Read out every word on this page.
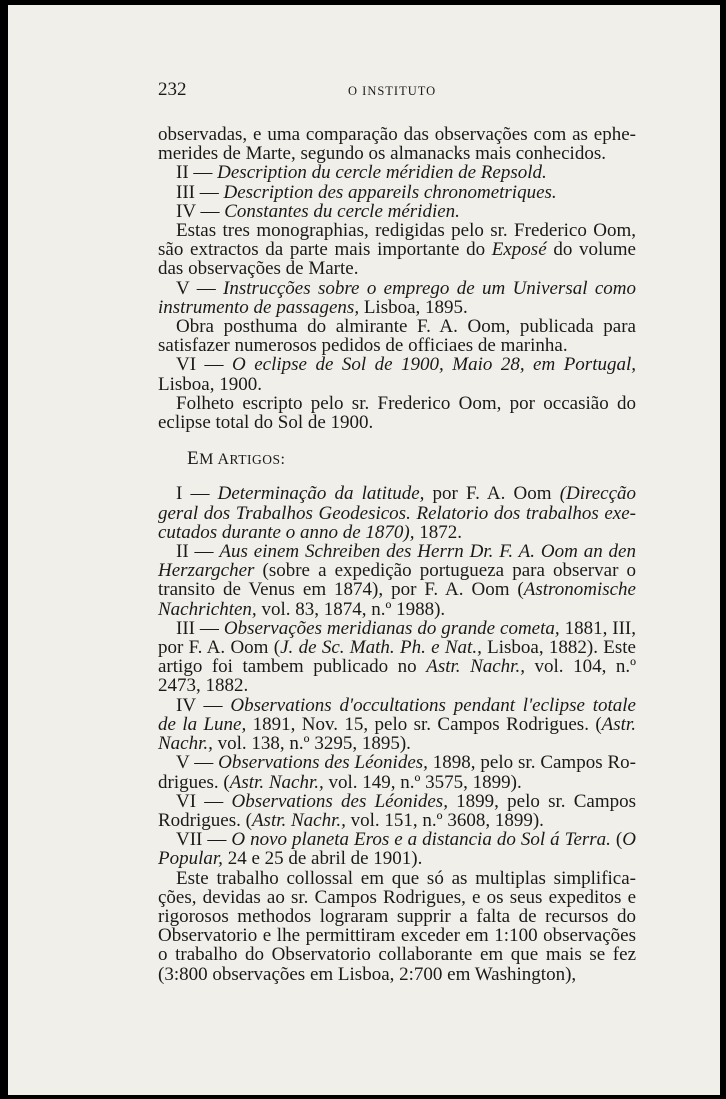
232	O INSTITUTO

observadas, e uma comparação das observações com as ephemerides de Marte, segundo os almanacks mais conhecidos.

II — Description du cercle méridien de Repsold.

III — Description des appareils chronometriques.

IV — Constantes du cercle méridien.

Estas tres monographias, redigidas pelo sr. Frederico Oom, são extractos da parte mais importante do Exposé do volume das observações de Marte.

V — Instrucções sobre o emprego de um Universal como instrumento de passagens, Lisboa, 1895.

Obra posthuma do almirante F. A. Oom, publicada para satisfazer numerosos pedidos de officiaes de marinha.

VI — O eclipse de Sol de 1900, Maio 28, em Portugal, Lisboa, 1900.

Folheto escripto pelo sr. Frederico Oom, por occasião do eclipse total do Sol de 1900.

EM ARTIGOS:

I — Determinação da latitude, por F. A. Oom (Direcção geral dos Trabalhos Geodesicos. Relatorio dos trabalhos executados durante o anno de 1870), 1872.

II — Aus einem Schreiben des Herrn Dr. F. A. Oom an den Herzargcher (sobre a expedição portugueza para observar o transito de Venus em 1874), por F. A. Oom (Astronomische Nachrichten, vol. 83, 1874, n.º 1988).

III — Observações meridianas do grande cometa, 1881, III, por F. A. Oom (J. de Sc. Math. Ph. e Nat., Lisboa, 1882). Este artigo foi tambem publicado no Astr. Nachr., vol. 104, n.º 2473, 1882.

IV — Observations d'occultations pendant l'eclipse totale de la Lune, 1891, Nov. 15, pelo sr. Campos Rodrigues. (Astr. Nachr., vol. 138, n.º 3295, 1895).

V — Observations des Léonides, 1898, pelo sr. Campos Rodrigues. (Astr. Nachr., vol. 149, n.º 3575, 1899).

VI — Observations des Léonides, 1899, pelo sr. Campos Rodrigues. (Astr. Nachr., vol. 151, n.º 3608, 1899).

VII — O novo planeta Eros e a distancia do Sol á Terra. (O Popular, 24 e 25 de abril de 1901).

Este trabalho collossal em que só as multiplas simplificações, devidas ao sr. Campos Rodrigues, e os seus expeditos e rigorosos methodos lograram supprir a falta de recursos do Observatorio e lhe permittiram exceder em 1:100 observações o trabalho do Observatorio collaborante em que mais se fez (3:800 observações em Lisboa, 2:700 em Washington),
